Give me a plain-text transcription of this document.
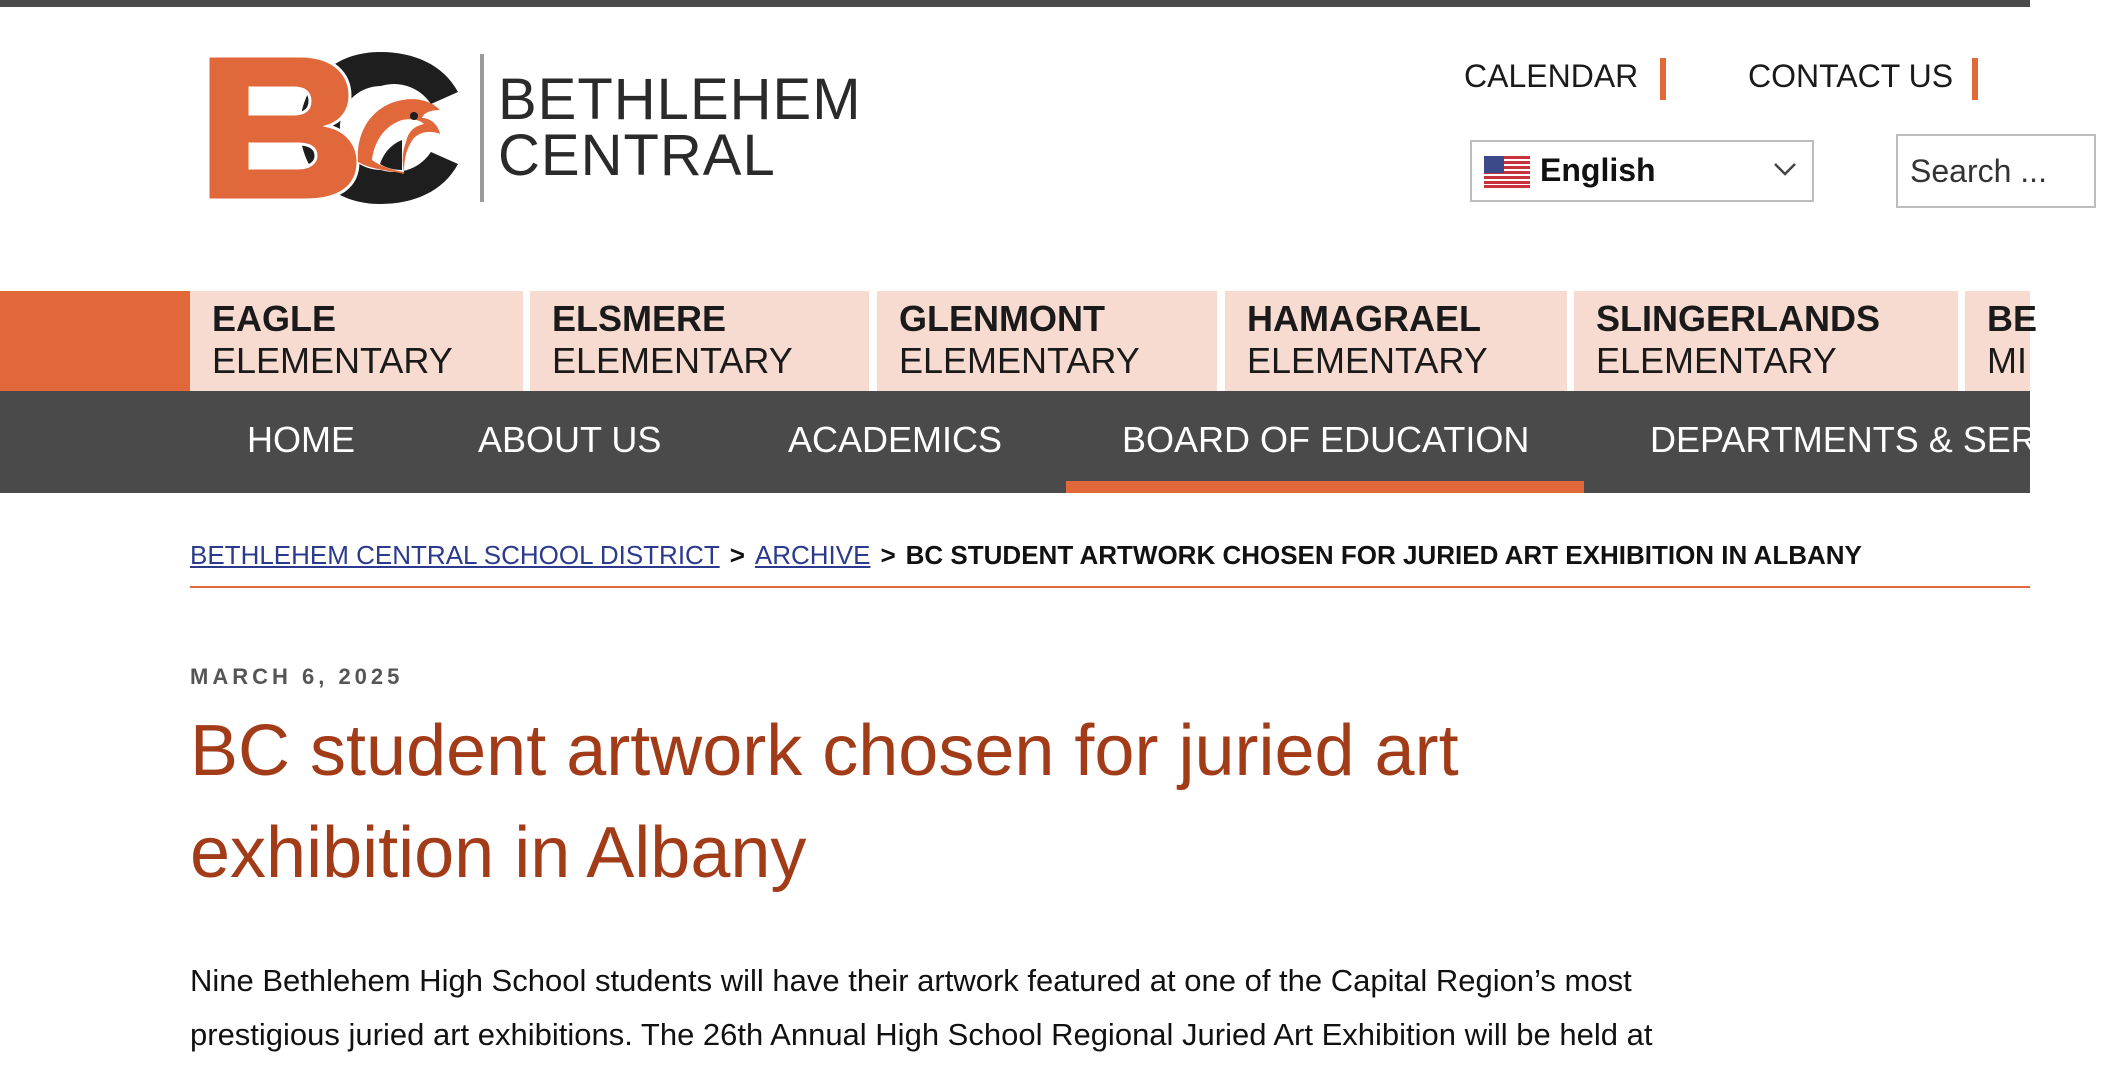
BETHLEHEM
CENTRAL
CALENDAR	CONTACT US
English
Search ...
EAGLE
ELEMENTARY
ELSMERE
ELEMENTARY
GLENMONT
ELEMENTARY
HAMAGRAEL
ELEMENTARY
SLINGERLANDS
ELEMENTARY
BE
MI
HOME	ABOUT US	ACADEMICS	BOARD OF EDUCATION	DEPARTMENTS & SERV
BETHLEHEM CENTRAL SCHOOL DISTRICT > ARCHIVE > BC STUDENT ARTWORK CHOSEN FOR JURIED ART EXHIBITION IN ALBANY
MARCH 6, 2025
BC student artwork chosen for juried art exhibition in Albany

Nine Bethlehem High School students will have their artwork featured at one of the Capital Region’s most prestigious juried art exhibitions. The 26th Annual High School Regional Juried Art Exhibition will be held at
